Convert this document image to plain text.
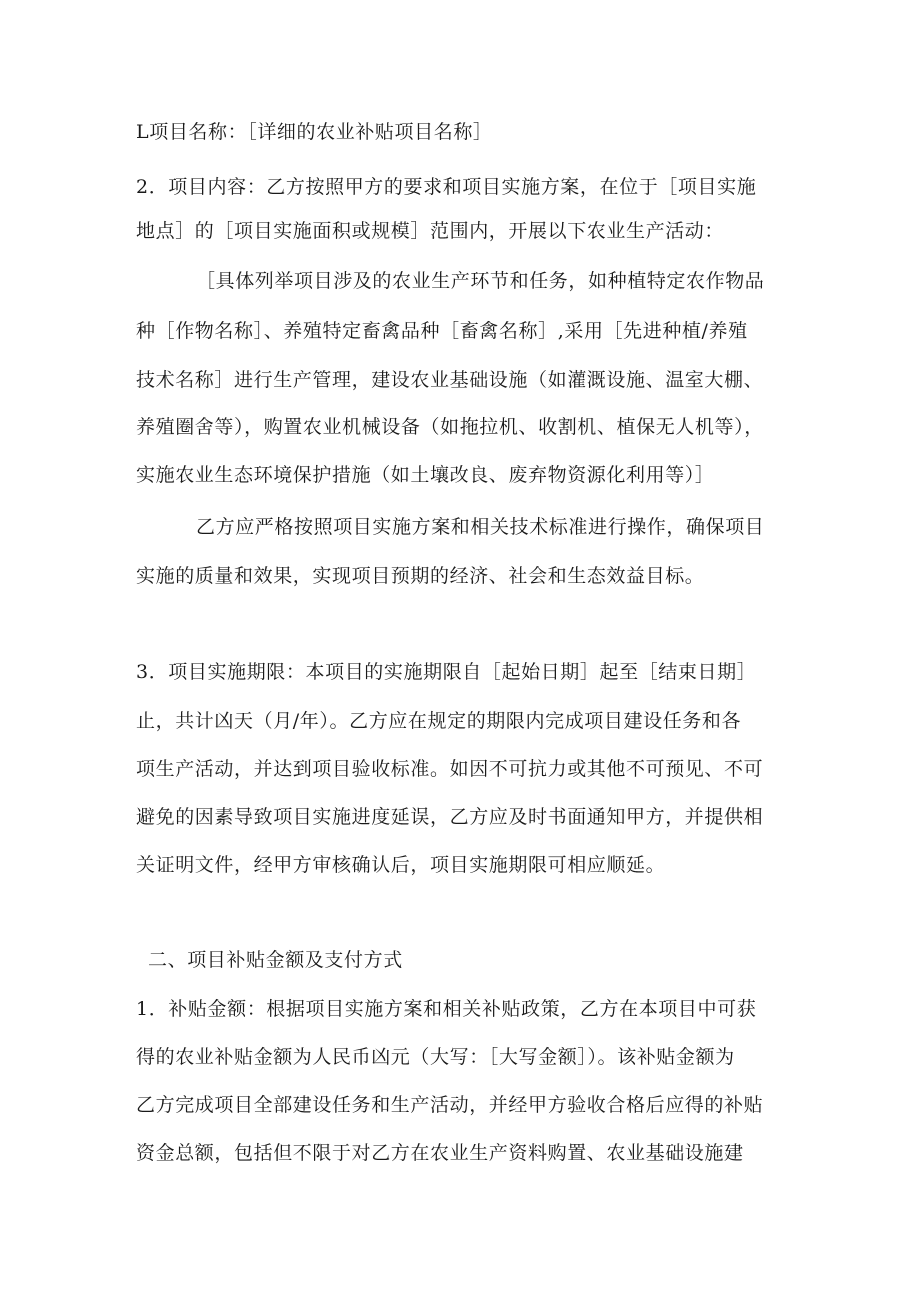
L项目名称：［详细的农业补贴项目名称］
2．项目内容：乙方按照甲方的要求和项目实施方案，在位于［项目实施
地点］的［项目实施面积或规模］范围内，开展以下农业生产活动：
［具体列举项目涉及的农业生产环节和任务，如种植特定农作物品
种［作物名称］、养殖特定畜禽品种［畜禽名称］,采用［先进种植/养殖
技术名称］进行生产管理，建设农业基础设施（如灌溉设施、温室大棚、
养殖圈舍等），购置农业机械设备（如拖拉机、收割机、植保无人机等），
实施农业生态环境保护措施（如土壤改良、废弃物资源化利用等）］
乙方应严格按照项目实施方案和相关技术标准进行操作，确保项目
实施的质量和效果，实现项目预期的经济、社会和生态效益目标。
3．项目实施期限：本项目的实施期限自［起始日期］起至［结束日期］
止，共计凶天（月/年）。乙方应在规定的期限内完成项目建设任务和各
项生产活动，并达到项目验收标准。如因不可抗力或其他不可预见、不可
避免的因素导致项目实施进度延误，乙方应及时书面通知甲方，并提供相
关证明文件，经甲方审核确认后，项目实施期限可相应顺延。
二、项目补贴金额及支付方式
1．补贴金额：根据项目实施方案和相关补贴政策，乙方在本项目中可获
得的农业补贴金额为人民币凶元（大写：［大写金额］）。该补贴金额为
乙方完成项目全部建设任务和生产活动，并经甲方验收合格后应得的补贴
资金总额，包括但不限于对乙方在农业生产资料购置、农业基础设施建
